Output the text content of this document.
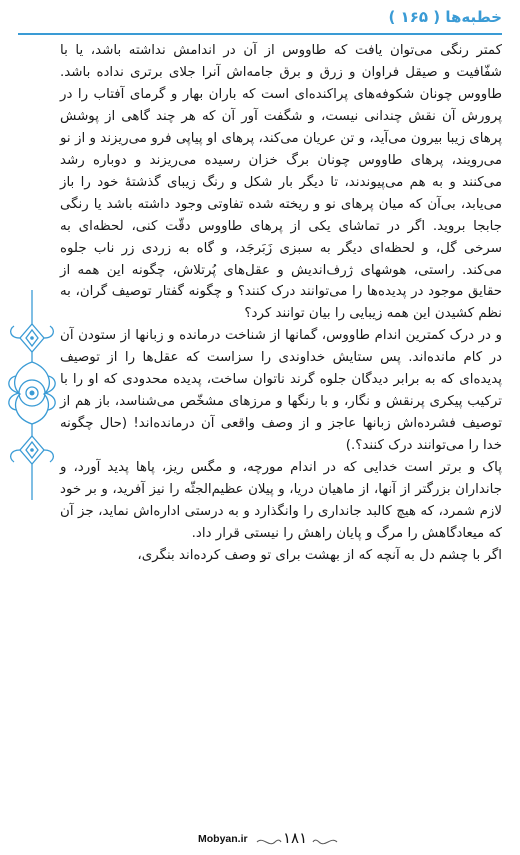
خطبه‌ها ( ۱۶۵ )

کمتر رنگی می‌توان یافت که طاووس از آن در اندامش نداشته باشد، یا با شفّافیت و صیقل فراوان و زرق و برق جامه‌اش آنرا جلای برتری نداده باشد. طاووس چونان شکوفه‌های پراکنده‌ای است که باران بهار و گرمای آفتاب را در پرورش آن نقش چندانی نیست، و شگفت آور آن که هر چند گاهی از پوشش پرهای زیبا بیرون می‌آید، و تن عریان می‌کند، پرهای او پیاپی فرو می‌ریزند و از نو می‌رویند، پرهای طاووس چونان برگ خزان رسیده می‌ریزند و دوباره رشد می‌کنند و به هم می‌پیوندند، تا دیگر بار شکل و رنگ زیبای گذشتهٔ خود را باز می‌یابد، بی‌آن که میان پرهای نو و ریخته شده تفاوتی وجود داشته باشد یا رنگی جابجا بروید. اگر در تماشای یکی از پرهای طاووس دقّت کنی، لحظه‌ای به سرخی گل، و لحظه‌ای دیگر به سبزی زَبَرجَد، و گاه به زردی زر ناب جلوه می‌کند. راستی، هوشهای ژرف‌اندیش و عقل‌های پُرتلاش، چگونه این همه از حقایق موجود در پدیده‌ها را می‌توانند درک کنند؟ و چگونه گفتار توصیف گران، به نظم کشیدن این همه زیبایی را بیان توانند کرد؟

و در درک کمترین اندام طاووس، گمانها از شناخت درمانده و زبانها از ستودن آن در کام مانده‌اند. پس ستایش خداوندی را سزاست که عقل‌ها را از توصیف پدیده‌ای که به برابر دیدگان جلوه گرند ناتوان ساخت، پدیده محدودی که او را با ترکیب پیکری پرنقش و نگار، و با رنگها و مرزهای مشخّص می‌شناسد، باز هم از توصیف فشرده‌اش زبانها عاجز و از وصف واقعی آن درمانده‌اند! (حال چگونه خدا را می‌توانند درک کنند؟.)

پاک و برتر است خدایی که در اندام مورچه، و مگس ریز، پاها پدید آورد، و جانداران بزرگتر از آنها، از ماهیان دریا، و پیلان عظیم‌الجثّه را نیز آفرید، و بر خود لازم شمرد، که هیچ کالبد جانداری را وانگذارد و به درستی اداره‌اش نماید، جز آن که میعادگاهش را مرگ و پایان راهش را نیستی قرار داد.

اگر با چشم دل به آنچه که از بهشت برای تو وصف کرده‌اند بنگری،

Mobyan.ir ۱۸۱
